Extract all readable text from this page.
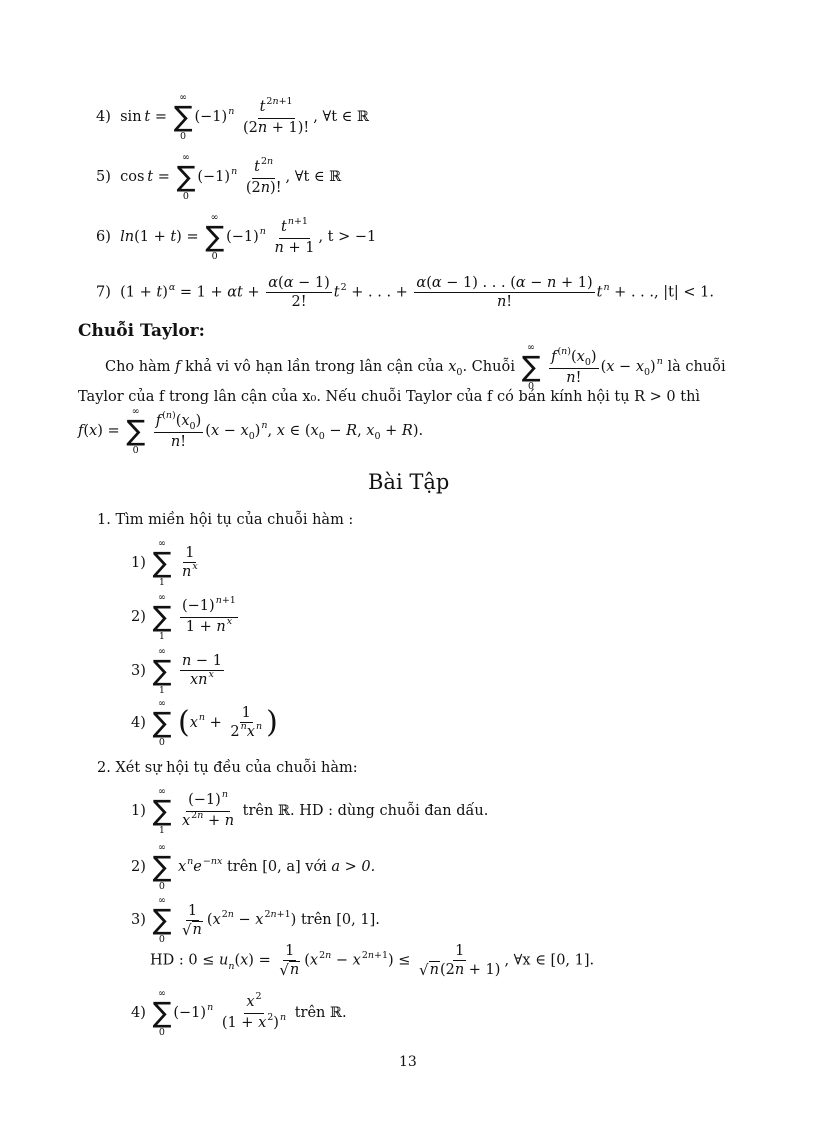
4)  sin t =
∞
∑
0
$(-1)^n \frac{t^{2n+1}}{(2n + 1)!}$ , ∀t ∈ ℝ
5)  cos t =
∞
∑
0
$(-1)^n \frac{t^{2n}}{(2n)!}$ , ∀t ∈ ℝ
6) ln(1 + t) =
∞
∑
0
$(-1)^n \frac{t^{n+1}}{n + 1}$ , t > −1
7)  $(1 + t)^\alpha = 1 + \alpha t + \frac{\alpha(\alpha - 1)}{2!} t^2$ + . . . + $\frac{\alpha(\alpha - 1) . . . (\alpha - n + 1)}{n!} t^n$ + . . ., |t| < 1.
Chuỗi Taylor:
Cho hàm f khả vi vô hạn lần trong lân cận của $x_0$. Chuỗi
∞
∑
0
$\frac{f^{(n)}(x_0)}{n!} (x - x_0)^n$ là chuỗi
Taylor của f trong lân cận của x₀. Nếu chuỗi Taylor của f có bán kính hội tụ R > 0 thì
f(x) =
∞
∑
0
$\frac{f^{(n)}(x_0)}{n!} (x - x_0)^n$, x ∈ ($x_0 - R$, $x_0 + R$).
Bài Tập
1. Tìm miền hội tụ của chuỗi hàm :
1)
∞
∑
1
$\frac{1}{n^x}$
2)
∞
∑
1
$\frac{(-1)^{n+1}}{1 + n^x}$
3)
∞
∑
1
$\frac{n - 1}{xn^x}$
4)
∞
∑
0
($x^n + \frac{1}{2^nx^n}$ )
2. Xét sự hội tụ đều của chuỗi hàm:
1)
∞
∑
1
$\frac{(-1)^n}{x^{2n} + n}$ trên ℝ. HD : dùng chuỗi đan dấu.
2)
∞
∑
0
$x^ne^{-nx}$ trên [0, a] với a > 0.
3)
∞
∑
0

$\frac{1}{√ n} (x^{2n} - x^{2n+1})$ trên [0, 1].
HD : $0 \le u_n(x) = \frac{1}{√ n} (x^{2n} - x^{2n+1}) \le \frac{1}{√ n (2n + 1)}$ , ∀x ∈ [0, 1].
4)
∞
∑
0
$(-1)^n \frac{x^2}{(1 + x^2)^n}$ trên ℝ.
13
